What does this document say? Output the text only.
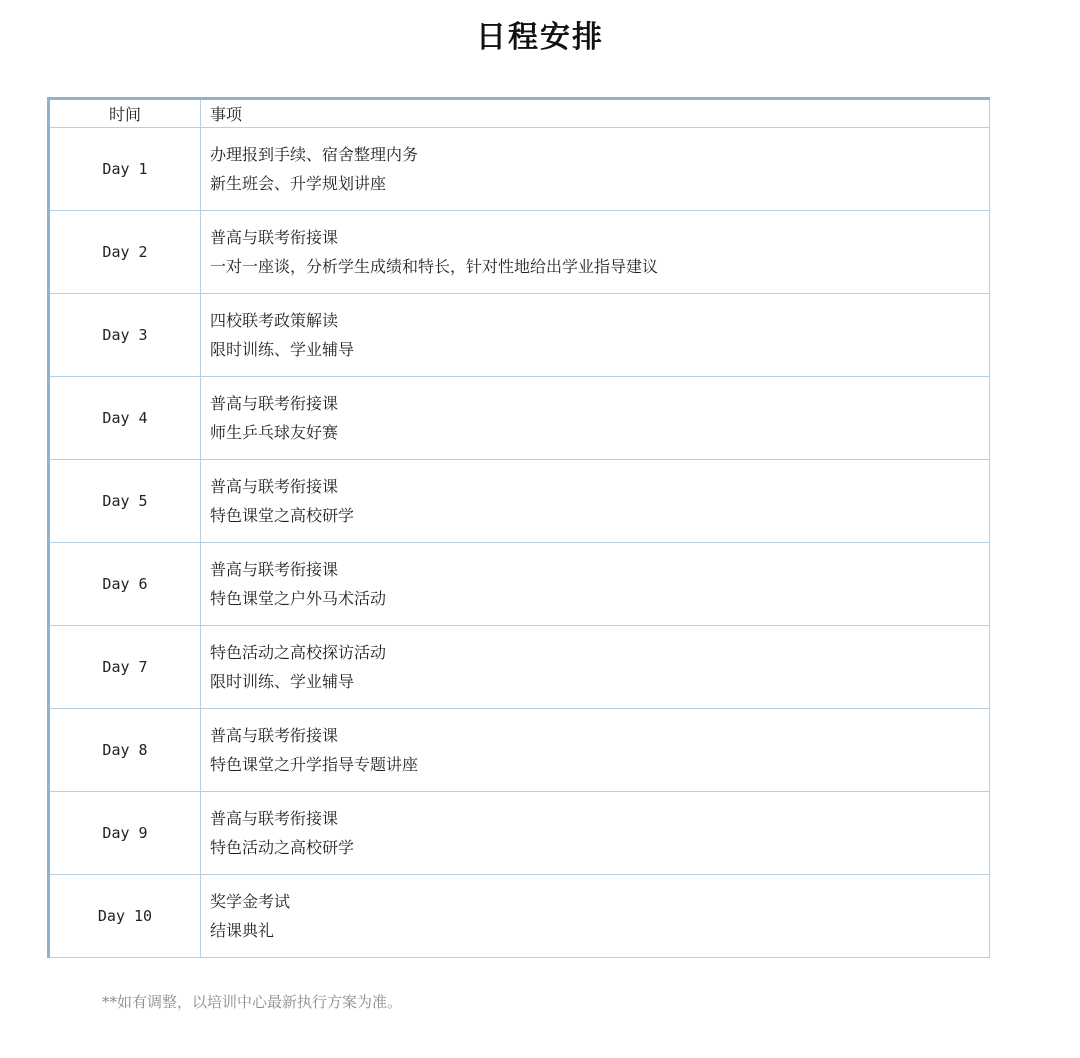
日程安排
时间	事项
Day 1	办理报到手续、宿舍整理内务
新生班会、升学规划讲座

Day 2	普高与联考衔接课
一对一座谈，分析学生成绩和特长，针对性地给出学业指导建议

Day 3	四校联考政策解读
限时训练、学业辅导

Day 4	普高与联考衔接课
师生乒乓球友好赛

Day 5	普高与联考衔接课
特色课堂之高校研学

Day 6	普高与联考衔接课
特色课堂之户外马术活动

Day 7	特色活动之高校探访活动
限时训练、学业辅导

Day 8	普高与联考衔接课
特色课堂之升学指导专题讲座

Day 9	普高与联考衔接课
特色活动之高校研学

Day 10	奖学金考试
结课典礼
**如有调整，以培训中心最新执行方案为准。
